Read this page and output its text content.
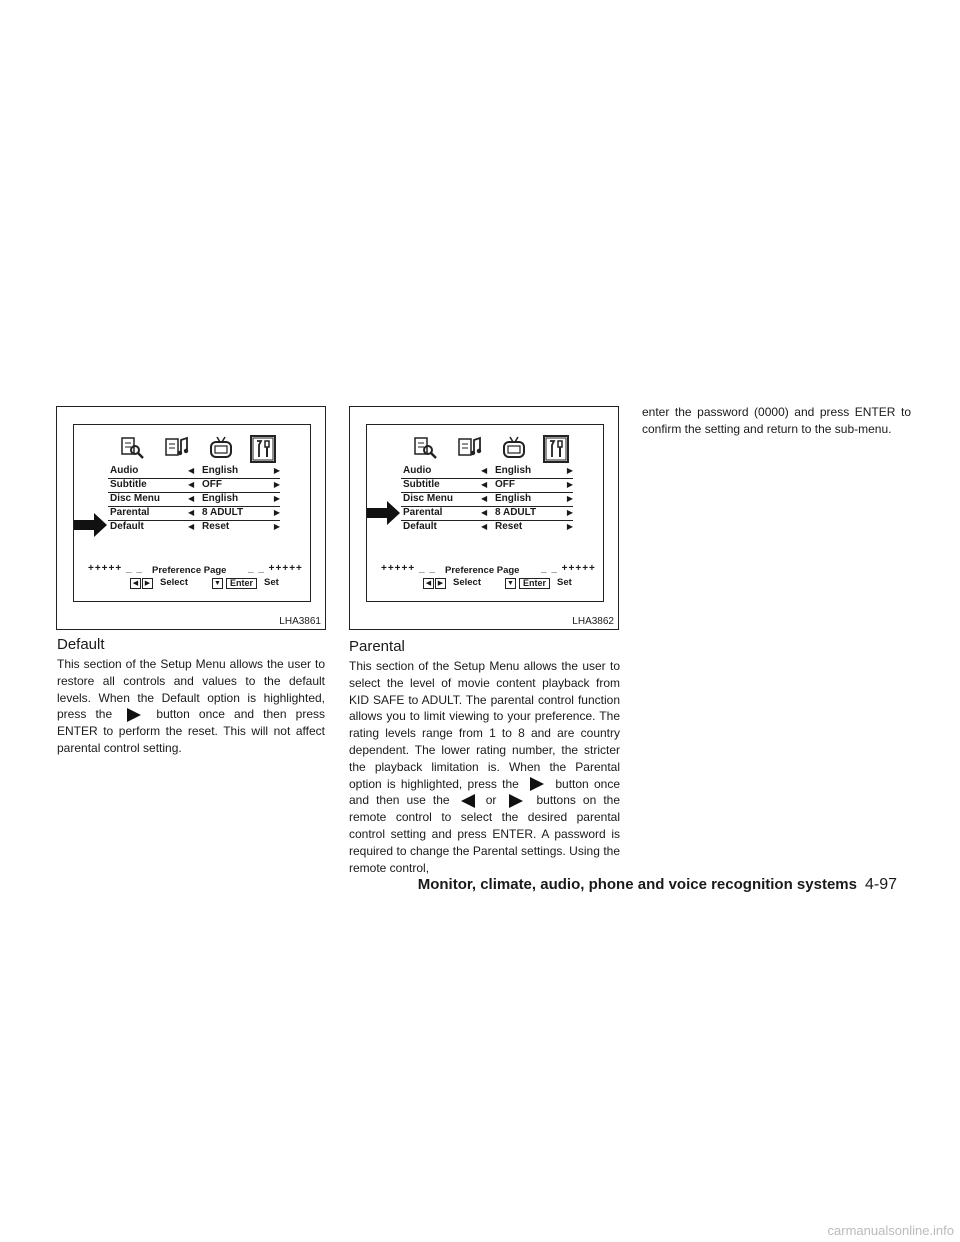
Audio	◀ English	▶
Subtitle	◀ OFF	▶
Disc Menu	◀ English	▶
Parental	◀ 8 ADULT	▶
Default	◀ Reset	▶
+++++ _ _ Preference Page _ _ +++++
◀ ▶ Select	▼	Enter	Set
LHA3861
Audio	◀ English	▶
Subtitle	◀ OFF	▶
Disc Menu	◀ English	▶
Parental	◀ 8 ADULT	▶
Default	◀ Reset	▶
+++++ _ _ Preference Page _ _ +++++
◀ ▶ Select	▼	Enter	Set
LHA3862
Default

This section of the Setup Menu allows the user to restore all controls and values to the default levels. When the Default option is highlighted, press the	button once and then press ENTER to perform the reset. This will not affect parental control setting.

Parental

This section of the Setup Menu allows the user to select the level of movie content playback from KID SAFE to ADULT. The parental control function allows you to limit viewing to your preference. The rating levels range from 1 to 8 and are country dependent. The lower rating number, the stricter the playback limitation is. When the Parental option is highlighted, press the	button once and then use the	or	buttons on the remote control to select the desired parental control setting and press ENTER. A password is required to change the Parental settings. Using the remote control,

enter the password (0000) and press ENTER to confirm the setting and return to the sub-menu.

Monitor, climate, audio, phone and voice recognition systems 4-97
carmanualsonline.info
